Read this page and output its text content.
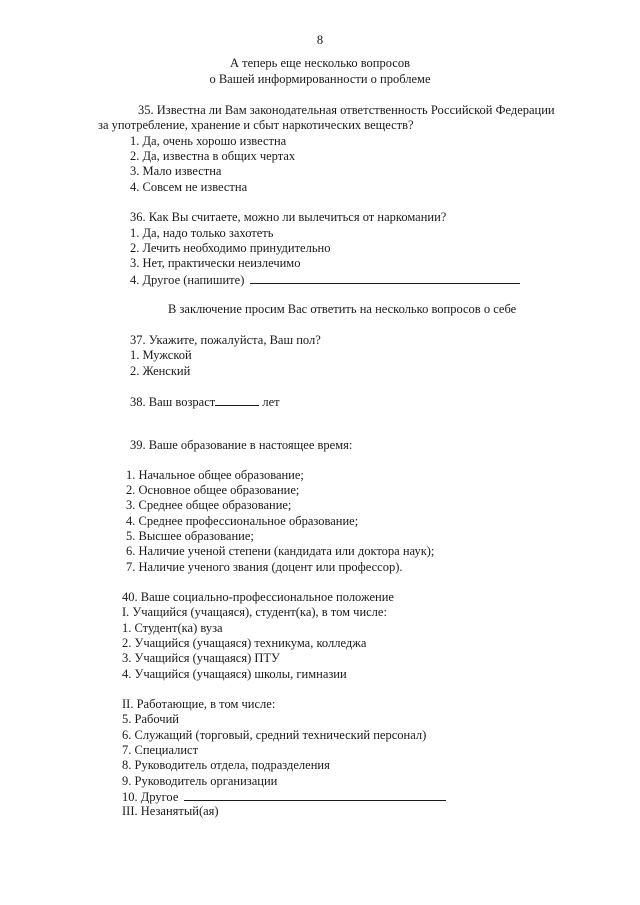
8
А теперь еще несколько вопросов
о Вашей информированности о проблеме
35. Известна ли Вам законодательная ответственность Российской Федерации
за употребление, хранение и сбыт наркотических веществ?
1. Да, очень хорошо известна
2. Да, известна в общих чертах
3. Мало известна
4. Совсем не известна
36. Как Вы считаете, можно ли вылечиться от наркомании?
1. Да, надо только захотеть
2. Лечить необходимо принудительно
3. Нет, практически неизлечимо
4. Другое (напишите)
В заключение просим Вас ответить на несколько вопросов о себе
37. Укажите, пожалуйста, Ваш пол?
1. Мужской
2. Женский
38. Ваш возраст	лет
39. Ваше образование в настоящее время:
1. Начальное общее образование;
2. Основное общее образование;
3. Среднее общее образование;
4. Среднее профессиональное образование;
5. Высшее образование;
6. Наличие ученой степени (кандидата или доктора наук);
7. Наличие ученого звания (доцент или профессор).
40. Ваше социально-профессиональное положение
I. Учащийся (учащаяся), студент(ка), в том числе:
1. Студент(ка) вуза
2. Учащийся (учащаяся) техникума, колледжа
3. Учащийся (учащаяся) ПТУ
4. Учащийся (учащаяся) школы, гимназии
II. Работающие, в том числе:
5. Рабочий
6. Служащий (торговый, средний технический персонал)
7. Специалист
8. Руководитель отдела, подразделения
9. Руководитель организации
10. Другое
III. Незанятый(ая)
